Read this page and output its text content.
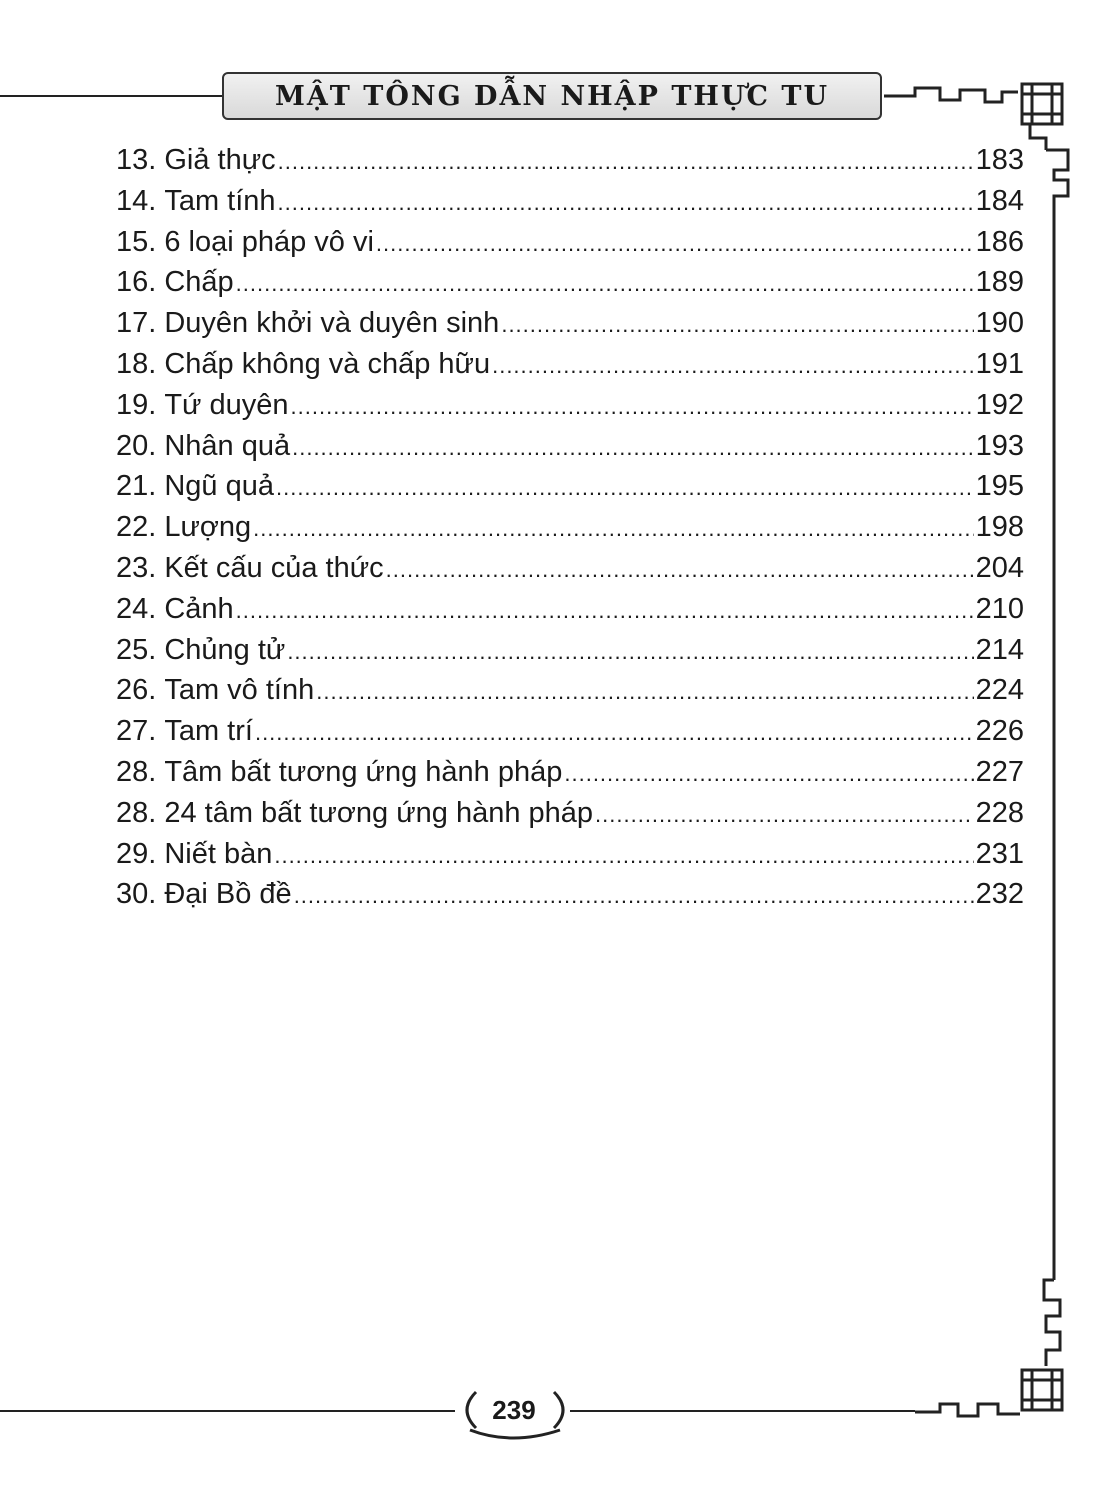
MẬT TÔNG DẪN NHẬP THỰC TU
13. Giả thực .....	183
14. Tam tính .....	184
15. 6 loại pháp vô vi .....	186
16. Chấp .....	189
17. Duyên khởi và duyên sinh .....	190
18. Chấp không và chấp hữu .....	191
19. Tứ duyên .....	192
20. Nhân quả .....	193
21. Ngũ quả .....	195
22. Lượng .....	198
23. Kết cấu của thức .....	204
24. Cảnh .....	210
25. Chủng tử .....	214
26. Tam vô tính .....	224
27. Tam trí .....	226
28. Tâm bất tương ứng hành pháp .....	227
28. 24 tâm bất tương ứng hành pháp .....	228
29. Niết bàn .....	231
30. Đại Bồ đề .....	232
239
